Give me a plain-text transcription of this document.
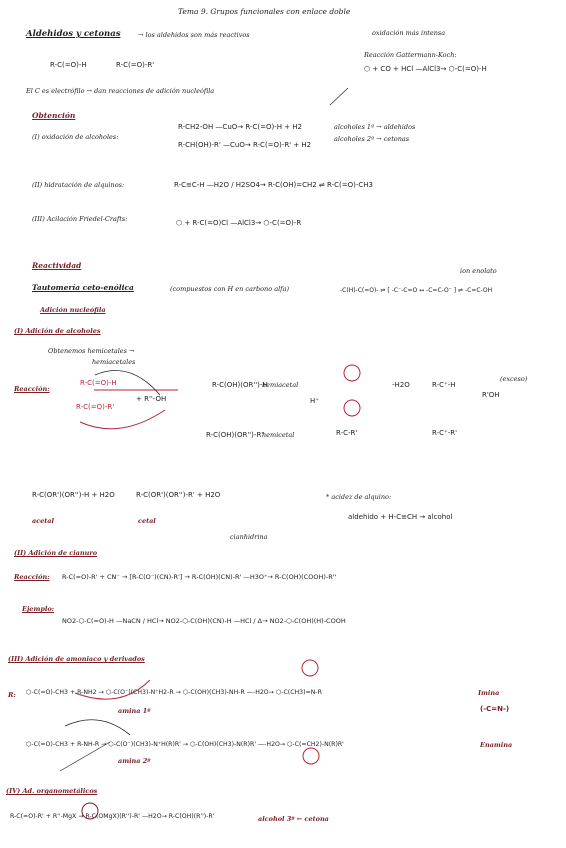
Tema 9. Grupos funcionales con enlace doble
Aldehidos y cetonas	→ los aldehidos son más reactivos
R-C(=O)-H	R-C(=O)-R'
El C es electrófilo → dan reacciones de adición nucleófila
oxidación más intensa
Reacción Gattermann-Koch:
⬡ + CO + HCl —AlCl3→ ⬡-C(=O)-H
Obtención
(I) oxidación de alcoholes:
R-CH2-OH —CuO→ R-C(=O)-H + H2
R-CH(OH)-R' —CuO→ R-C(=O)-R' + H2
alcoholes 1º → aldehidos
alcoholes 2º → cetonas
(II) hidratación de alquinos:	R-C≡C-H —H2O / H2SO4→ R-C(OH)=CH2 ⇌ R-C(=O)-CH3
(III) Acilación Friedel-Crafts:	⬡ + R-C(=O)Cl —AlCl3→ ⬡-C(=O)-R
Reactividad
Tautomería ceto-enólica	(compuestos con H en carbono alfa)
ion enolato
-C(H)-C(=O)- ⇌ [ -C⁻-C=O ↔ -C=C-O⁻ ] ⇌ -C=C-OH
Adición nucleófila
(I) Adición de alcoholes
Obtenemos hemicetales →
hemiacetales
Reacción:
R-C(=O)-H
R-C(=O)-R'
+ R''-OH
R-C(OH)(OR'')-H
hemiacetal
R-C(OH)(OR'')-R'
hemicetal
H⁺
-H2O
(exceso)
R'OH
R-C⁺-H
R-C⁺-R'
R-C-R'
R-C(OR')(OR'')-H + H2O	R-C(OR')(OR'')-R' + H2O
acetal	cetal
* acidez de alquino:
aldehido + H-C≡CH → alcohol
cianhidrina
(II) Adición de cianuro
Reacción: R-C(=O)-R' + CN⁻ → [R-C(O⁻)(CN)-R'] → R-C(OH)(CN)-R' —H3O⁺→ R-C(OH)(COOH)-R''
Ejemplo:
NO2-⬡-C(=O)-H —NaCN / HCl→ NO2-⬡-C(OH)(CN)-H —HCl / Δ→ NO2-⬡-C(OH)(H)-COOH
(III) Adición de amoniaco y derivados
R: ⬡-C(=O)-CH3 + R-NH2 → ⬡-C(O⁻)(CH3)-N⁺H2-R → ⬡-C(OH)(CH3)-NH-R —-H2O→ ⬡-C(CH3)=N-R
amina 1º
Imina
(-C=N-)
⬡-C(=O)-CH3 + R-NH-R → ⬡-C(O⁻)(CH3)-N⁺H(R)R' → ⬡-C(OH)(CH3)-N(R)R' —-H2O→ ⬡-C(=CH2)-N(R)R'
amina 2º
Enamina
(IV) Ad. organometálicos
R-C(=O)-R' + R''-MgX → R-C(OMgX)(R'')-R' —H2O→ R-C(OH)(R'')-R'	alcohol 3º ← cetona
